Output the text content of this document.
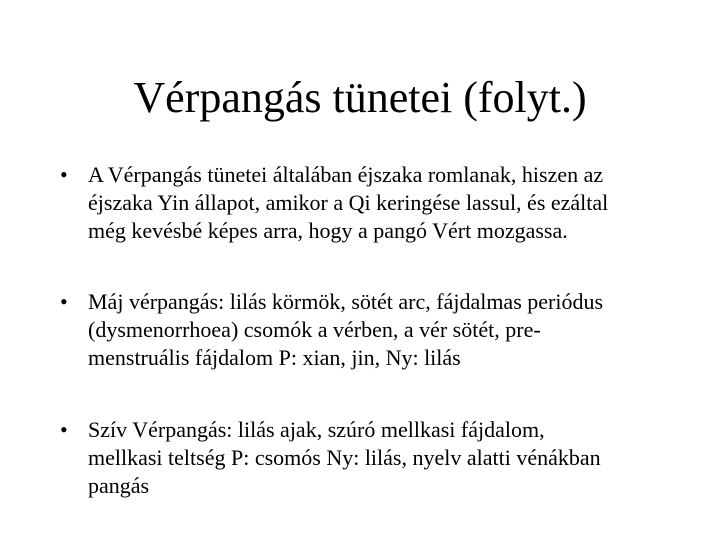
Vérpangás tünetei (folyt.)
• A Vérpangás tünetei általában éjszaka romlanak, hiszen az
éjszaka Yin állapot, amikor a Qi keringése lassul, és ezáltal
még kevésbé képes arra, hogy a pangó Vért mozgassa.
• Máj vérpangás: lilás körmök, sötét arc, fájdalmas periódus
(dysmenorrhoea) csomók a vérben, a vér sötét, pre-
menstruális fájdalom P: xian, jin, Ny: lilás
• Szív Vérpangás: lilás ajak, szúró mellkasi fájdalom,
mellkasi teltség P: csomós Ny: lilás, nyelv alatti vénákban
pangás
